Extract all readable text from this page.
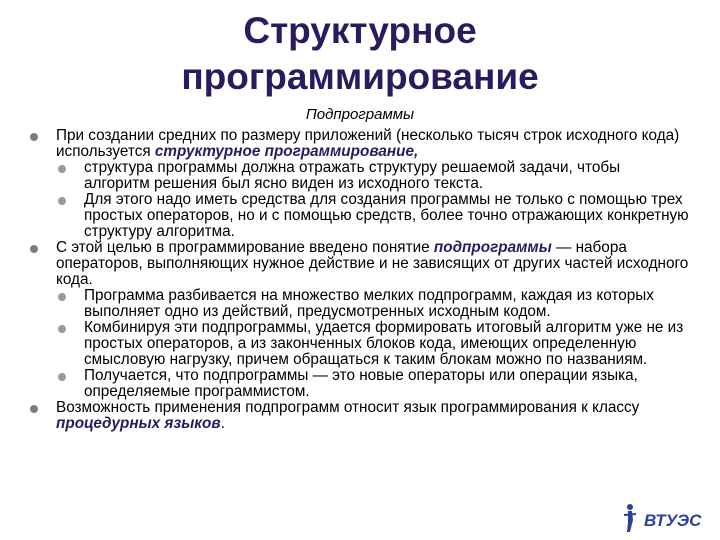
Структурное
программирование
Подпрограммы
При создании средних по размеру приложений (несколько тысяч строк исходного кода) используется структурное программирование,
структура программы должна отражать структуру решаемой задачи, чтобы алгоритм решения был ясно виден из исходного текста.
Для этого надо иметь средства для создания программы не только с помощью трех простых операторов, но и с помощью средств, более точно отражающих конкретную структуру алгоритма.
С этой целью в программирование введено понятие подпрограммы — набора операторов, выполняющих нужное действие и не зависящих от других частей исходного кода.
Программа разбивается на множество мелких подпрограмм, каждая из которых выполняет одно из действий, предусмотренных исходным кодом.
Комбинируя эти подпрограммы, удается формировать итоговый алгоритм уже не из простых операторов, а из законченных блоков кода, имеющих определенную смысловую нагрузку, причем обращаться к таким блокам можно по названиям.
Получается, что подпрограммы — это новые операторы или операции языка, определяемые программистом.
Возможность применения подпрограмм относит язык программирования к классу процедурных языков.
ВТУЭС
